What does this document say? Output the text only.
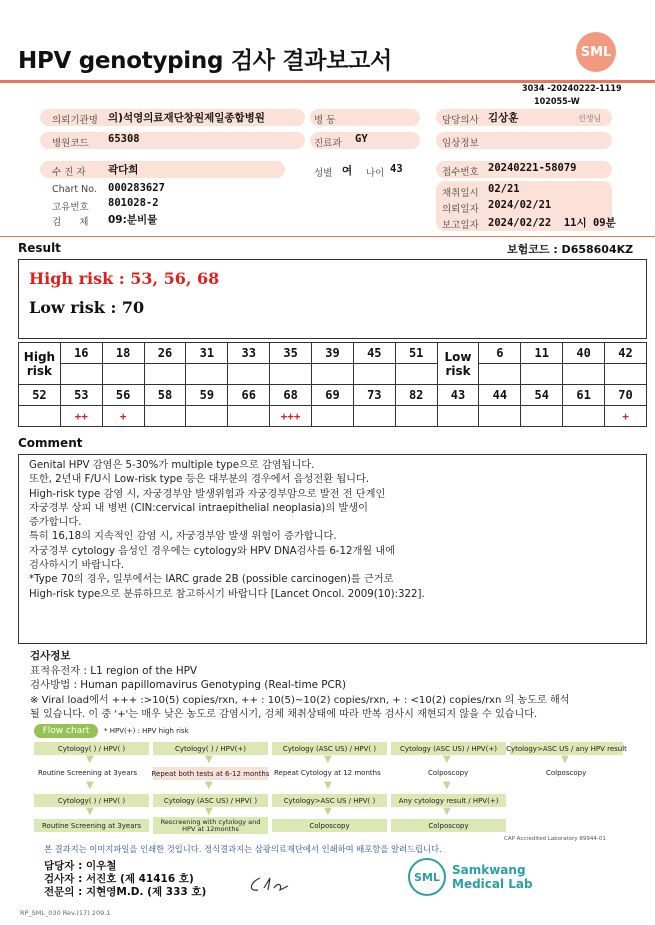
HPV genotyping 검사 결과보고서	SML
3034 -20240222-1119
102055-W
의뢰기관명 의)석영의료재단창원제일종합병원	병 동
병원코드 65308	진료과 GY
수 진 자 곽다희	성별 여 나이 43
Chart No. 000283627
고유번호 801028-2
검      체 09:분비물
담당의사 김상훈	선생님
임상정보
접수번호 20240221-58079
채취일시 02/21
의뢰일자 2024/02/21
보고일자 2024/02/22  11시 09분
Result	보험코드 : D658604KZ
High risk : 53, 56, 68
Low risk : 70
High
risk	16	18	26	31	33	35	39	45	51	Low
risk	6	11	40	42

52	53	56	58	59	66	68	69	73	82	43	44	54	61	70
	++	+				+++								+
Comment
Genital HPV 감염은 5-30%가 multiple type으로 감염됩니다.
또한, 2년내 F/U시 Low-risk type 등은 대부분의 경우에서 음성전환 됩니다.
High-risk type 감염 시, 자궁경부암 발생위험과 자궁경부암으로 발전 전 단계인
자궁경부 상피 내 병변 (CIN:cervical intraepithelial neoplasia)의 발생이
증가합니다.
특히 16,18의 지속적인 감염 시, 자궁경부암 발생 위험이 증가합니다.
자궁경부 cytology 음성인 경우에는 cytology와 HPV DNA검사를 6-12개월 내에
검사하시기 바랍니다.
*Type 70의 경우, 일부에서는 IARC grade 2B (possible carcinogen)를 근거로
High-risk type으로 분류하므로 참고하시기 바랍니다 [Lancet Oncol. 2009(10):322].
검사정보
표적유전자 : L1 region of the HPV
검사방법 : Human papillomavirus Genotyping (Real-time PCR)
※ Viral load에서 +++ :>10(5) copies/rxn, ++ : 10(5)~10(2) copies/rxn, + : <10(2) copies/rxn 의 농도로 해석
될 있습니다. 이 중 '+'는 매우 낮은 농도로 감염시기, 검체 채취상태에 따라 반복 검사시 재현되지 않을 수 있습니다.
Flow chart	* HPV(+) : HPV high risk
Cytology( ) / HPV( )	Cytology( ) / HPV(+)	Cytology (ASC US) / HPV( )	Cytology (ASC US) / HPV(+)	Cytology>ASC US / any HPV result
▼	▼	▼	▼	▼
Routine Screening at 3years Repeat both tests at 6-12 months Repeat Cytology at 12 months	Colposcopy	Colposcopy
▼	▼	▼	▼
Cytology( ) / HPV( )	Cytology (ASC US) / HPV( )	Cytology>ASC US / HPV( )	Any cytology result / HPV(+)
▼	▼	▼	▼
Routine Screening at 3years	Rescreening with cytology and HPV at 12months	Colposcopy	Colposcopy
CAP Accredited Laboratory 89944-01
본 결과지는 이미지파일을 인쇄한 것입니다. 정식결과지는 삼광의료재단에서 인쇄하여 배포함을 알려드립니다.
담당자 : 이우철
검사자 : 서진호 (제 41416 호)
전문의 : 지현영M.D. (제 333 호)
SML	Samkwang
Medical Lab
RP_SML_030 Rev.(17) 209.1
